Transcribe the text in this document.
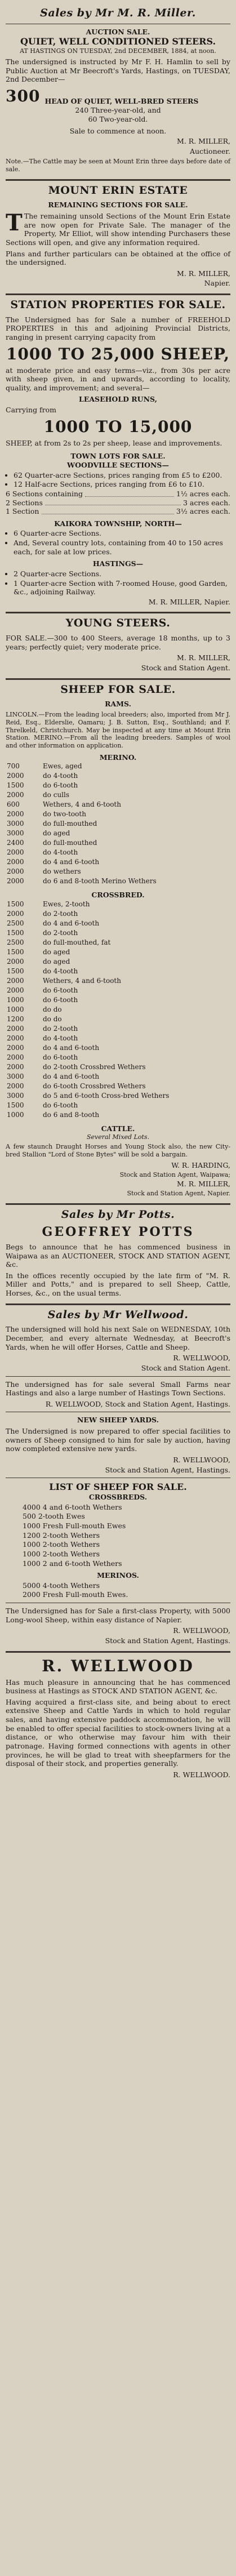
Sales by Mr M. R. Miller.
AUCTION SALE.
QUIET, WELL CONDITIONED STEERS.
AT HASTINGS ON TUESDAY, 2nd DECEMBER, 1884, at noon.
The undersigned is instructed by Mr F. H. Hamlin to sell by Public Auction at Mr Beecroft's Yards, Hastings, on TUESDAY, 2nd December—
300 HEAD OF QUIET, WELL-BRED STEERS
240 Three-year-old, and
60 Two-year-old.
Sale to commence at noon.
M. R. MILLER,
Auctioneer.
Note.—The Cattle may be seen at Mount Erin three days before date of sale.
MOUNT ERIN ESTATE
REMAINING SECTIONS FOR SALE.
T The remaining unsold Sections of the Mount Erin Estate are now open for Private Sale. The manager of the Property, Mr Elliot, will show intending Purchasers these Sections will open, and give any information required.
Plans and further particulars can be obtained at the office of the undersigned.
M. R. MILLER,
Napier.
STATION PROPERTIES FOR SALE.
The Undersigned has for Sale a number of FREEHOLD PROPERTIES in this and adjoining Provincial Districts, ranging in present carrying capacity from
1000 TO 25,000 SHEEP,
at moderate price and easy terms—viz., from 30s per acre with sheep given, in and upwards, according to locality, quality, and improvement; and several—
LEASEHOLD RUNS,
Carrying from
1000 TO 15,000
SHEEP, at from 2s to 2s per sheep, lease and improvements.
TOWN LOTS FOR SALE.
WOODVILLE SECTIONS—
• 62 Quarter-acre Sections, prices ranging from £5 to £200.
• 12 Half-acre Sections, prices ranging from £6 to £10.
6 Sections containing	1½ acres each.
2 Sections	3 acres each.
1 Section	3½ acres each.
KAIKORA TOWNSHIP, NORTH—
• 6 Quarter-acre Sections.
• And, Several country lots, containing from 40 to 150 acres each, for sale at low prices.
HASTINGS—
• 2 Quarter-acre Sections.
• 1 Quarter-acre Section with 7-roomed House, good Garden, &c., adjoining Railway.
M. R. MILLER, Napier.
YOUNG STEERS.
FOR SALE.—300 to 400 Steers, average 18 months, up to 3 years; perfectly quiet; very moderate price.
M. R. MILLER,
Stock and Station Agent.
SHEEP FOR SALE.
RAMS.
LINCOLN.—From the leading local breeders; also, imported from Mr J. Reid, Esq., Elderslie, Oamaru; J. B. Sutton, Esq., Southland; and F. Threlkeld, Christchurch. May be inspected at any time at Mount Erin Station. MERINO.—From all the leading breeders. Samples of wool and other information on application.
MERINO.
700	Ewes, aged
2000	do 4-tooth
1500	do 6-tooth
2000	do culls
600	Wethers, 4 and 6-tooth
2000	do two-tooth
3000	do full-mouthed
3000	do aged
2400	do full-mouthed
2000	do 4-tooth
2000	do 4 and 6-tooth
2000	do wethers
2000	do 6 and 8-tooth Merino Wethers
CROSSBRED.
1500	Ewes, 2-tooth
2000	do 2-tooth
2500	do 4 and 6-tooth
1500	do 2-tooth
2500	do full-mouthed, fat
1500	do aged
2000	do aged
1500	do 4-tooth
2000	Wethers, 4 and 6-tooth
2000	do 6-tooth
1000	do 6-tooth
1000	do do
1200	do do
2000	do 2-tooth
2000	do 4-tooth
2000	do 4 and 6-tooth
2000	do 6-tooth
2000	do 2-tooth Crossbred Wethers
3000	do 4 and 6-tooth
2000	do 6-tooth Crossbred Wethers
3000	do 5 and 6-tooth Cross-bred Wethers
1500	do 6-tooth
1000	do 6 and 8-tooth
CATTLE.
Several Mixed Lots.
A few staunch Draught Horses and Young Stock also, the new City-bred Stallion "Lord of Stone Bytes" will be sold a bargain.
W. R. HARDING,
Stock and Station Agent, Waipawa;
M. R. MILLER,
Stock and Station Agent, Napier.
Sales by Mr Potts.
GEOFFREY POTTS
Begs to announce that he has commenced business in Waipawa as an AUCTIONEER, STOCK AND STATION AGENT, &c.
In the offices recently occupied by the late firm of "M. R. Miller and Potts," and is prepared to sell Sheep, Cattle, Horses, &c., on the usual terms.
Sales by Mr Wellwood.
The undersigned will hold his next Sale on WEDNESDAY, 10th December, and every alternate Wednesday, at Beecroft's Yards, when he will offer Horses, Cattle and Sheep.
R. WELLWOOD,
Stock and Station Agent.
The undersigned has for sale several Small Farms near Hastings and also a large number of Hastings Town Sections.
R. WELLWOOD, Stock and Station Agent, Hastings.
NEW SHEEP YARDS.
The Undersigned is now prepared to offer special facilities to owners of Sheep consigned to him for sale by auction, having now completed extensive new yards.
R. WELLWOOD,
Stock and Station Agent, Hastings.
LIST OF SHEEP FOR SALE.
CROSSBREDS.
4000 4 and 6-tooth Wethers
500 2-tooth Ewes
1000 Fresh Full-mouth Ewes
1200 2-tooth Wethers
1000 2-tooth Wethers
1000 2-tooth Wethers
1000 2 and 6-tooth Wethers
MERINOS.
5000 4-tooth Wethers
2000 Fresh Full-mouth Ewes.
The Undersigned has for Sale a first-class Property, with 5000 Long-wool Sheep, within easy distance of Napier.
R. WELLWOOD,
Stock and Station Agent, Hastings.
R. WELLWOOD
Has much pleasure in announcing that he has commenced business at Hastings as STOCK AND STATION AGENT, &c.
Having acquired a first-class site, and being about to erect extensive Sheep and Cattle Yards in which to hold regular sales, and having extensive paddock accommodation, he will be enabled to offer special facilities to stock-owners living at a distance, or who otherwise may favour him with their patronage. Having formed connections with agents in other provinces, he will be glad to treat with sheepfarmers for the disposal of their stock, and properties generally.
R. WELLWOOD.
